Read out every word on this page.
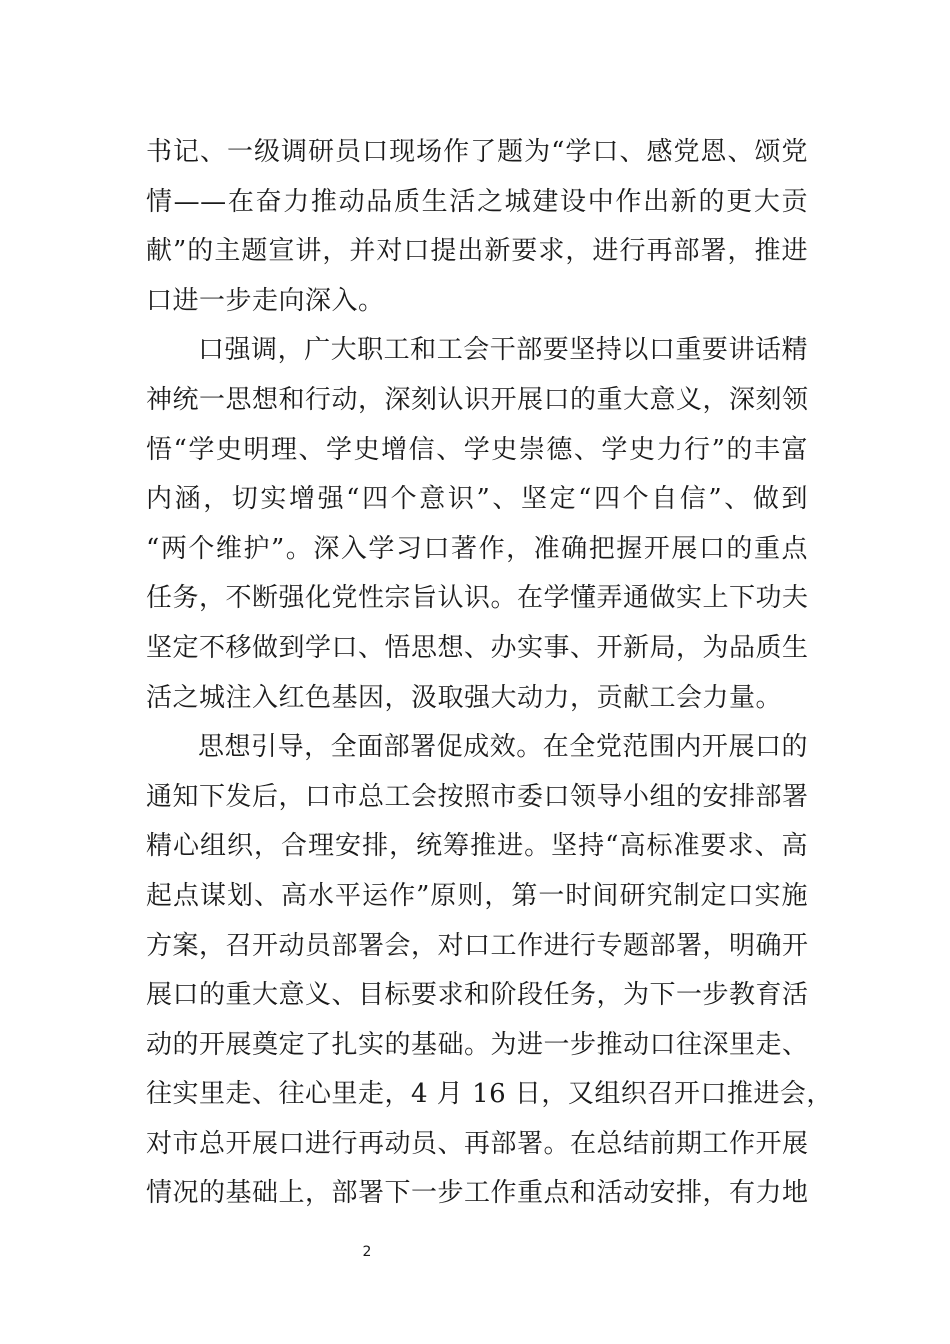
书记、一级调研员口现场作了题为“学口、感党恩、颂党
情——在奋力推动品质生活之城建设中作出新的更大贡
献”的主题宣讲，并对口提出新要求，进行再部署，推进
口进一步走向深入。
口强调，广大职工和工会干部要坚持以口重要讲话精
神统一思想和行动，深刻认识开展口的重大意义，深刻领
悟“学史明理、学史增信、学史崇德、学史力行”的丰富
内涵，切实增强“四个意识”、坚定“四个自信”、做到
“两个维护”。深入学习口著作，准确把握开展口的重点
任务，不断强化党性宗旨认识。在学懂弄通做实上下功夫
坚定不移做到学口、悟思想、办实事、开新局，为品质生
活之城注入红色基因，汲取强大动力，贡献工会力量。
思想引导，全面部署促成效。在全党范围内开展口的
通知下发后，口市总工会按照市委口领导小组的安排部署
精心组织，合理安排，统筹推进。坚持“高标准要求、高
起点谋划、高水平运作”原则，第一时间研究制定口实施
方案，召开动员部署会，对口工作进行专题部署，明确开
展口的重大意义、目标要求和阶段任务，为下一步教育活
动的开展奠定了扎实的基础。为进一步推动口往深里走、
往实里走、往心里走，4 月 16 日，又组织召开口推进会，
对市总开展口进行再动员、再部署。在总结前期工作开展
情况的基础上，部署下一步工作重点和活动安排，有力地
2
